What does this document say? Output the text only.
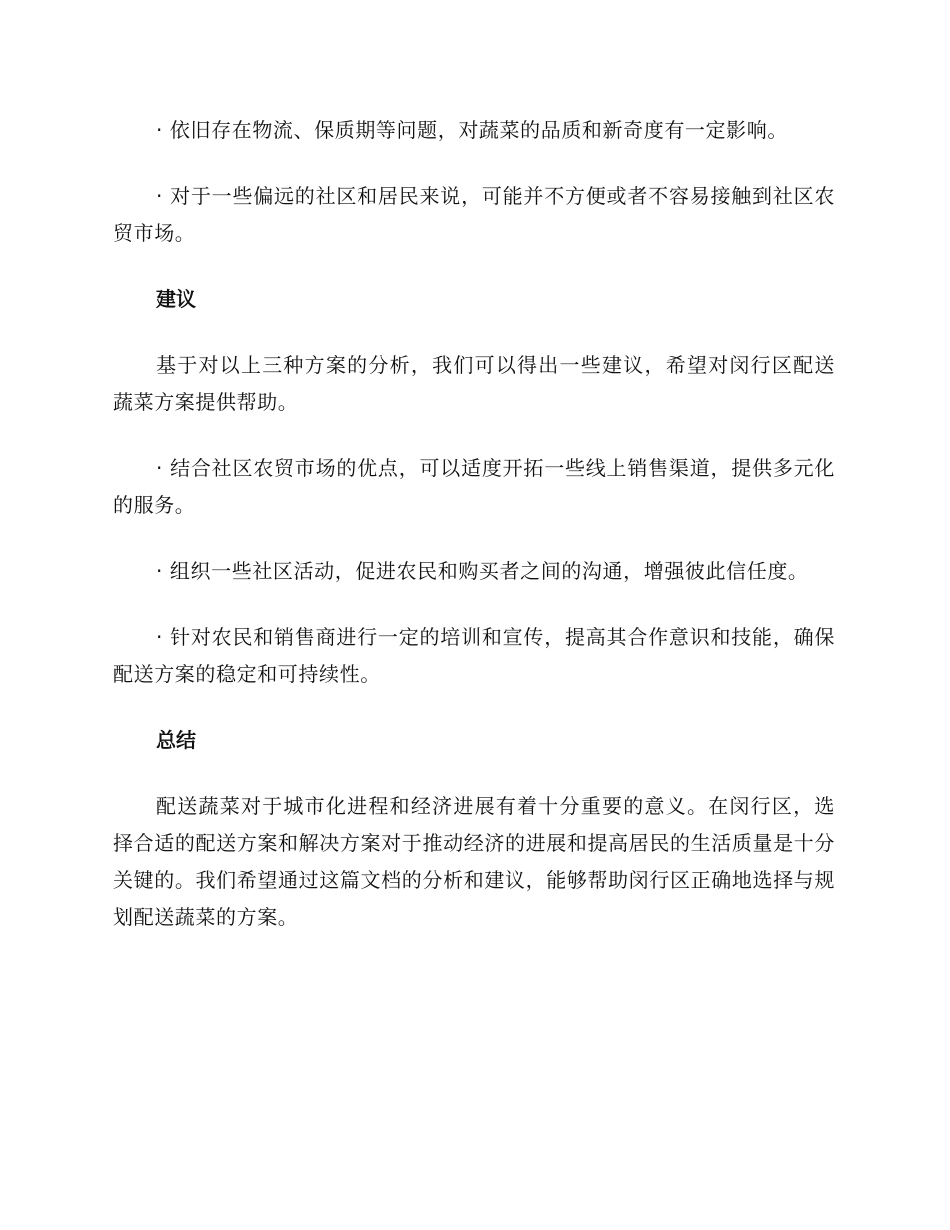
· 依旧存在物流、保质期等问题，对蔬菜的品质和新奇度有一定影响。

· 对于一些偏远的社区和居民来说，可能并不方便或者不容易接触到社区农贸市场。

建议

基于对以上三种方案的分析，我们可以得出一些建议，希望对闵行区配送蔬菜方案提供帮助。

· 结合社区农贸市场的优点，可以适度开拓一些线上销售渠道，提供多元化的服务。

· 组织一些社区活动，促进农民和购买者之间的沟通，增强彼此信任度。

· 针对农民和销售商进行一定的培训和宣传，提高其合作意识和技能，确保配送方案的稳定和可持续性。

总结

配送蔬菜对于城市化进程和经济进展有着十分重要的意义。在闵行区，选择合适的配送方案和解决方案对于推动经济的进展和提高居民的生活质量是十分关键的。我们希望通过这篇文档的分析和建议，能够帮助闵行区正确地选择与规划配送蔬菜的方案。
